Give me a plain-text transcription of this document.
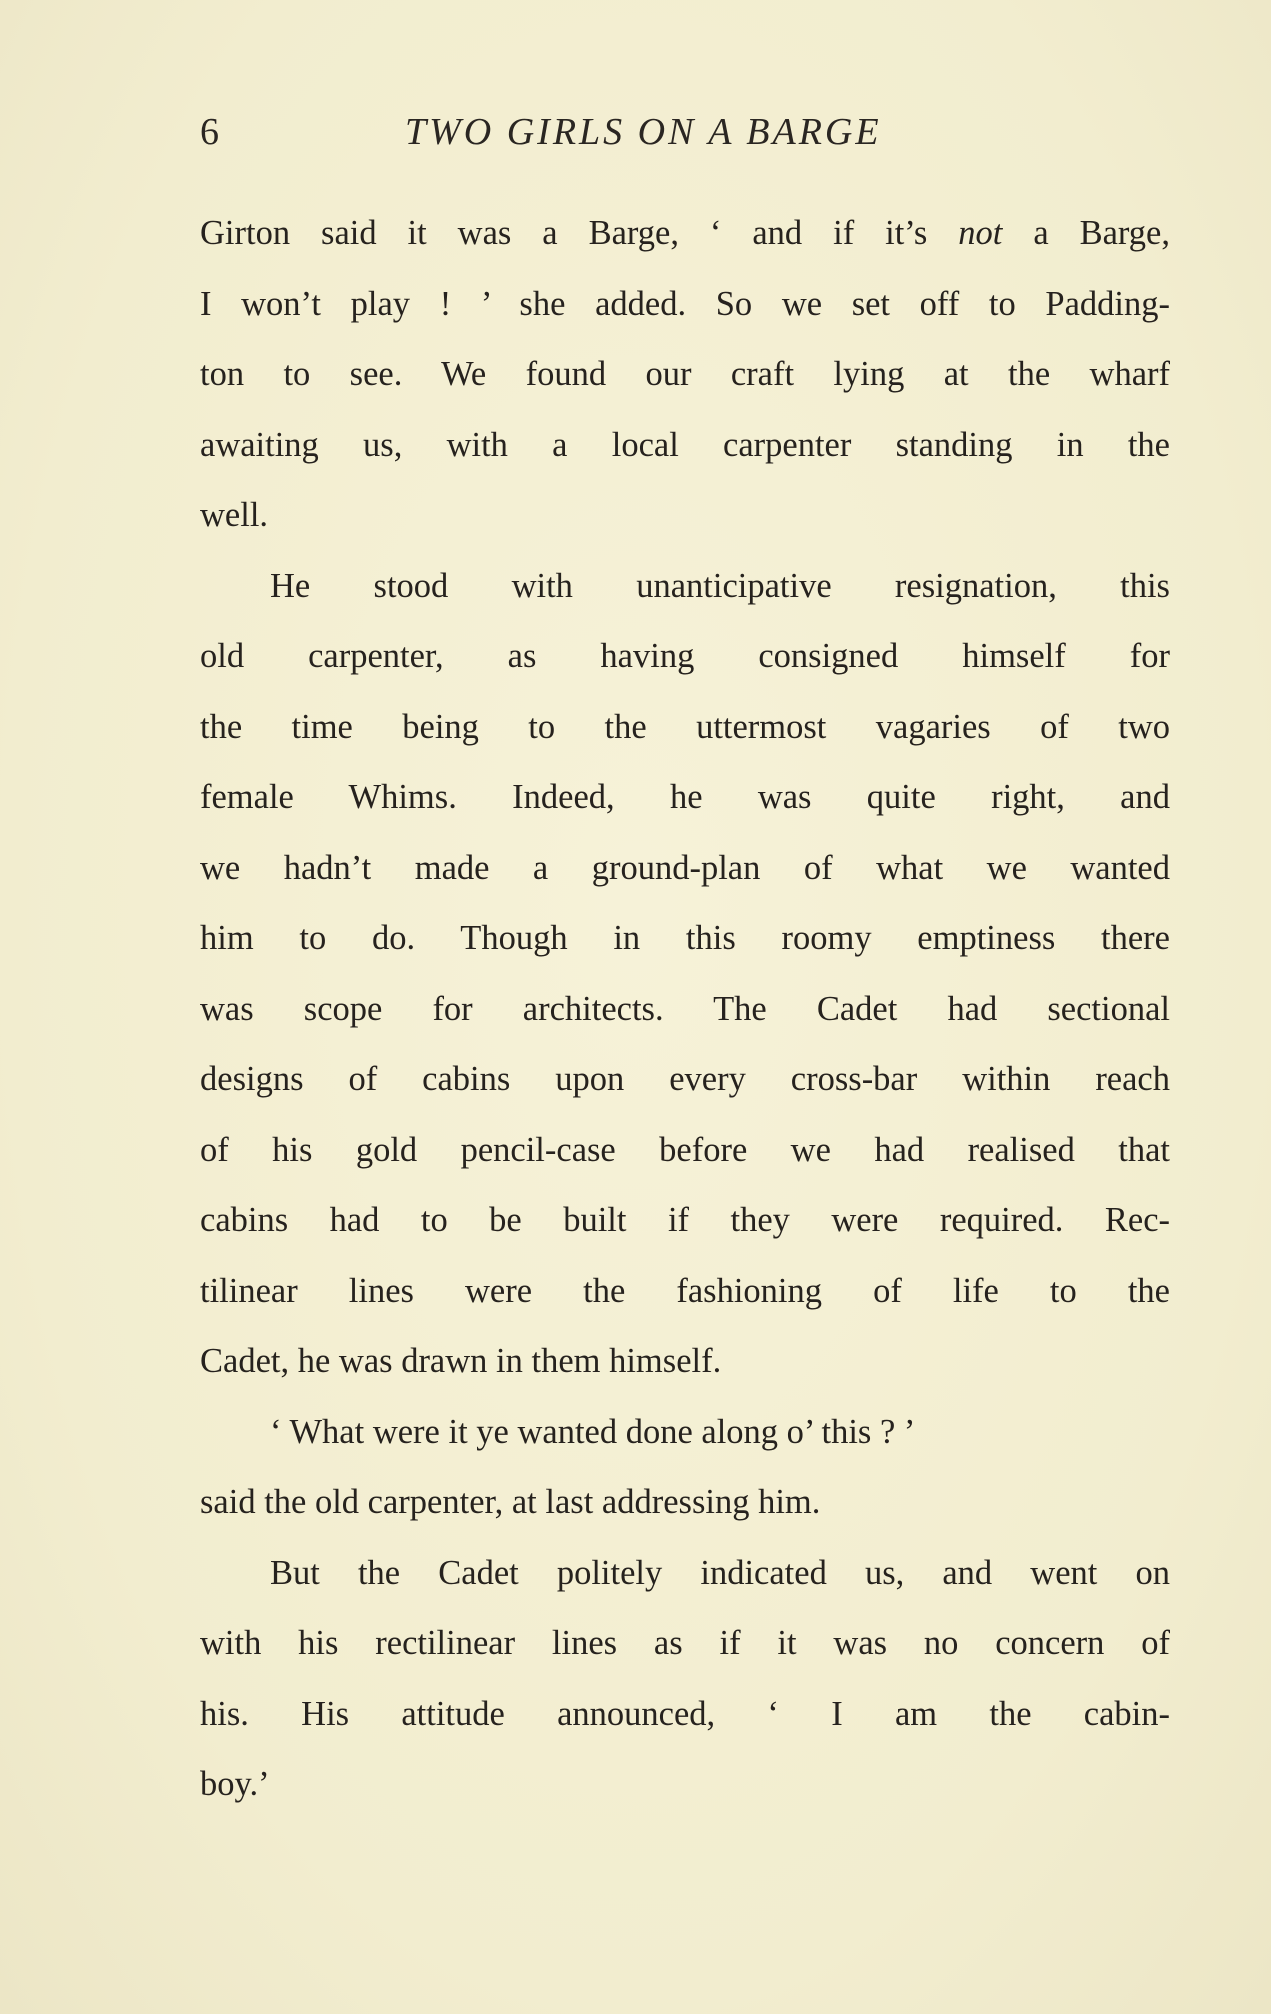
6	TWO GIRLS ON A BARGE
Girton said it was a Barge, ‘ and if it’s not a Barge,
I won’t play ! ’ she added. So we set off to Padding-
ton to see. We found our craft lying at the wharf
awaiting us, with a local carpenter standing in the
well.
He stood with unanticipative resignation, this
old carpenter, as having consigned himself for
the time being to the uttermost vagaries of two
female Whims. Indeed, he was quite right, and
we hadn’t made a ground-plan of what we wanted
him to do. Though in this roomy emptiness there
was scope for architects. The Cadet had sectional
designs of cabins upon every cross-bar within reach
of his gold pencil-case before we had realised that
cabins had to be built if they were required. Rec-
tilinear lines were the fashioning of life to the
Cadet, he was drawn in them himself.
‘ What were it ye wanted done along o’ this ? ’
said the old carpenter, at last addressing him.
But the Cadet politely indicated us, and went on
with his rectilinear lines as if it was no concern of
his. His attitude announced, ‘ I am the cabin-
boy.’
